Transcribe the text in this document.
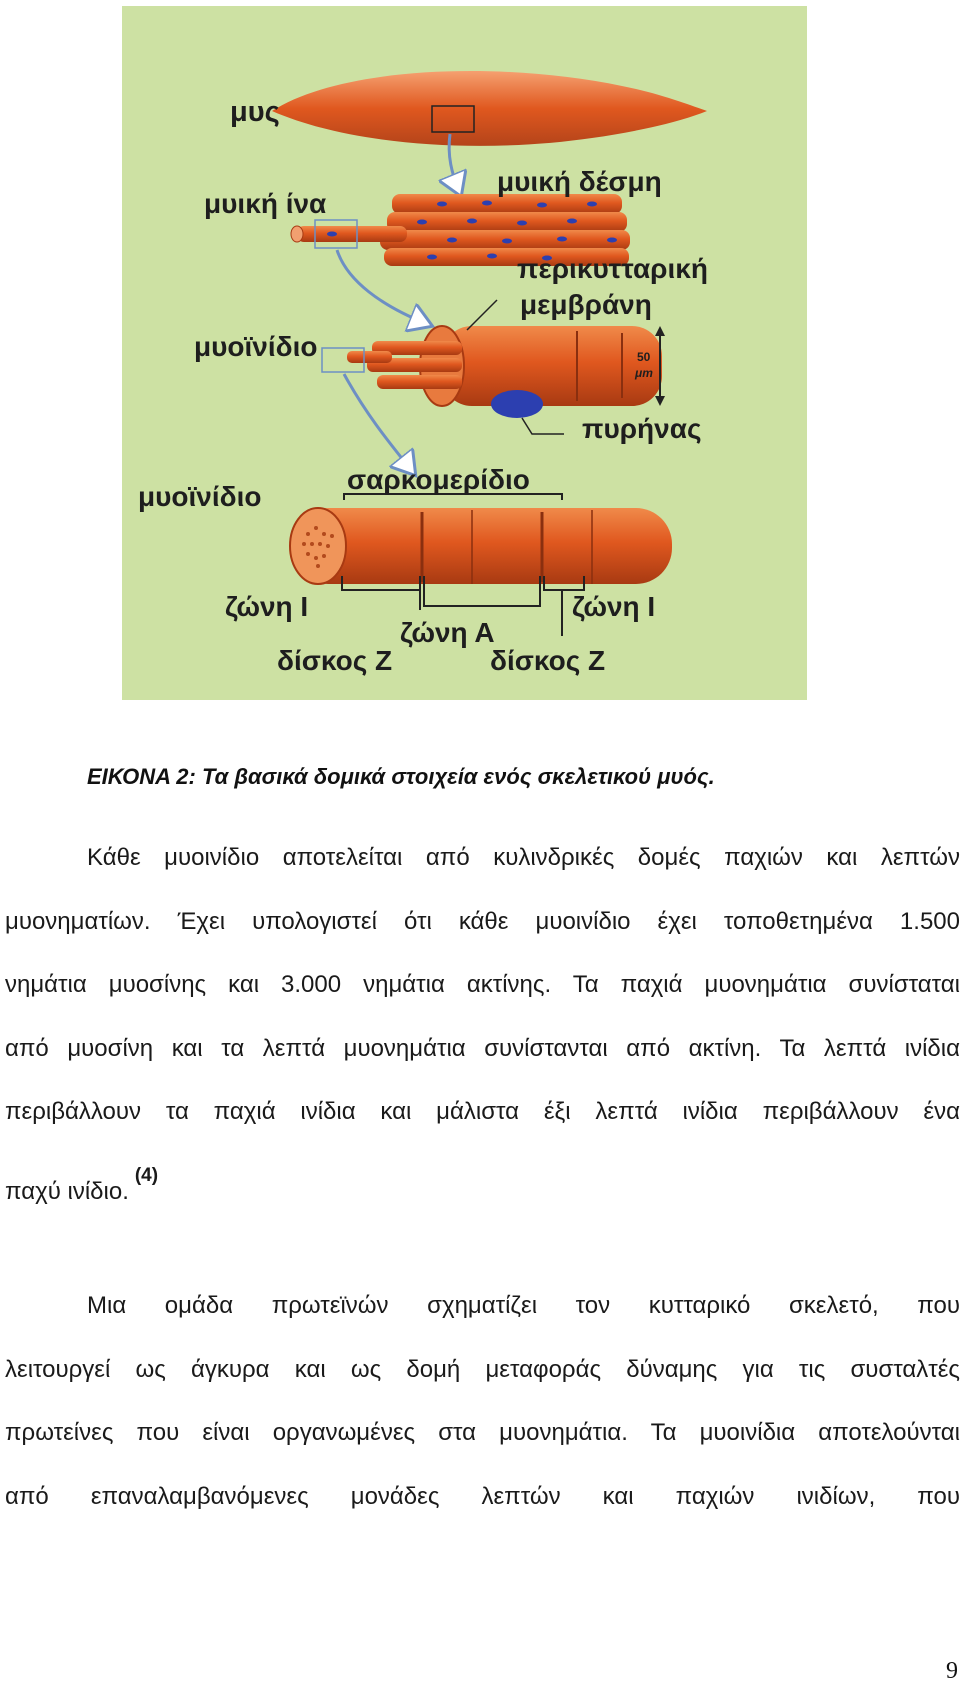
μυς
μυική δέσμη
μυική ίνα
περικυτταρική
μεμβράνη
μυοϊνίδιο	50
μm
πυρήνας
μυοϊνίδιο
σαρκομερίδιο
ζώνη Ι
ζώνη Α
ζώνη Ι
δίσκος Ζ	δίσκος Ζ
ΕΙΚΟΝΑ 2: Τα βασικά δομικά στοιχεία ενός σκελετικού μυός.
Κάθε μυοινίδιο αποτελείται από κυλινδρικές δομές παχιών και λεπτών
μυονηματίων. Έχει υπολογιστεί ότι κάθε μυοινίδιο έχει τοποθετημένα 1.500
νημάτια μυοσίνης και 3.000 νημάτια ακτίνης. Τα παχιά μυονημάτια συνίσταται
από μυοσίνη και τα λεπτά μυονημάτια συνίστανται από ακτίνη. Τα λεπτά ινίδια
περιβάλλουν τα παχιά ινίδια και μάλιστα έξι λεπτά ινίδια περιβάλλουν ένα
παχύ ινίδιο.$^{(4)}$
Μια ομάδα πρωτεϊνών σχηματίζει τον κυτταρικό σκελετό, που
λειτουργεί ως άγκυρα και ως δομή μεταφοράς δύναμης για τις συσταλτές
πρωτείνες που είναι οργανωμένες στα μυονημάτια. Τα μυοινίδια αποτελούνται
από επαναλαμβανόμενες μονάδες λεπτών και παχιών ινιδίων, που
9
